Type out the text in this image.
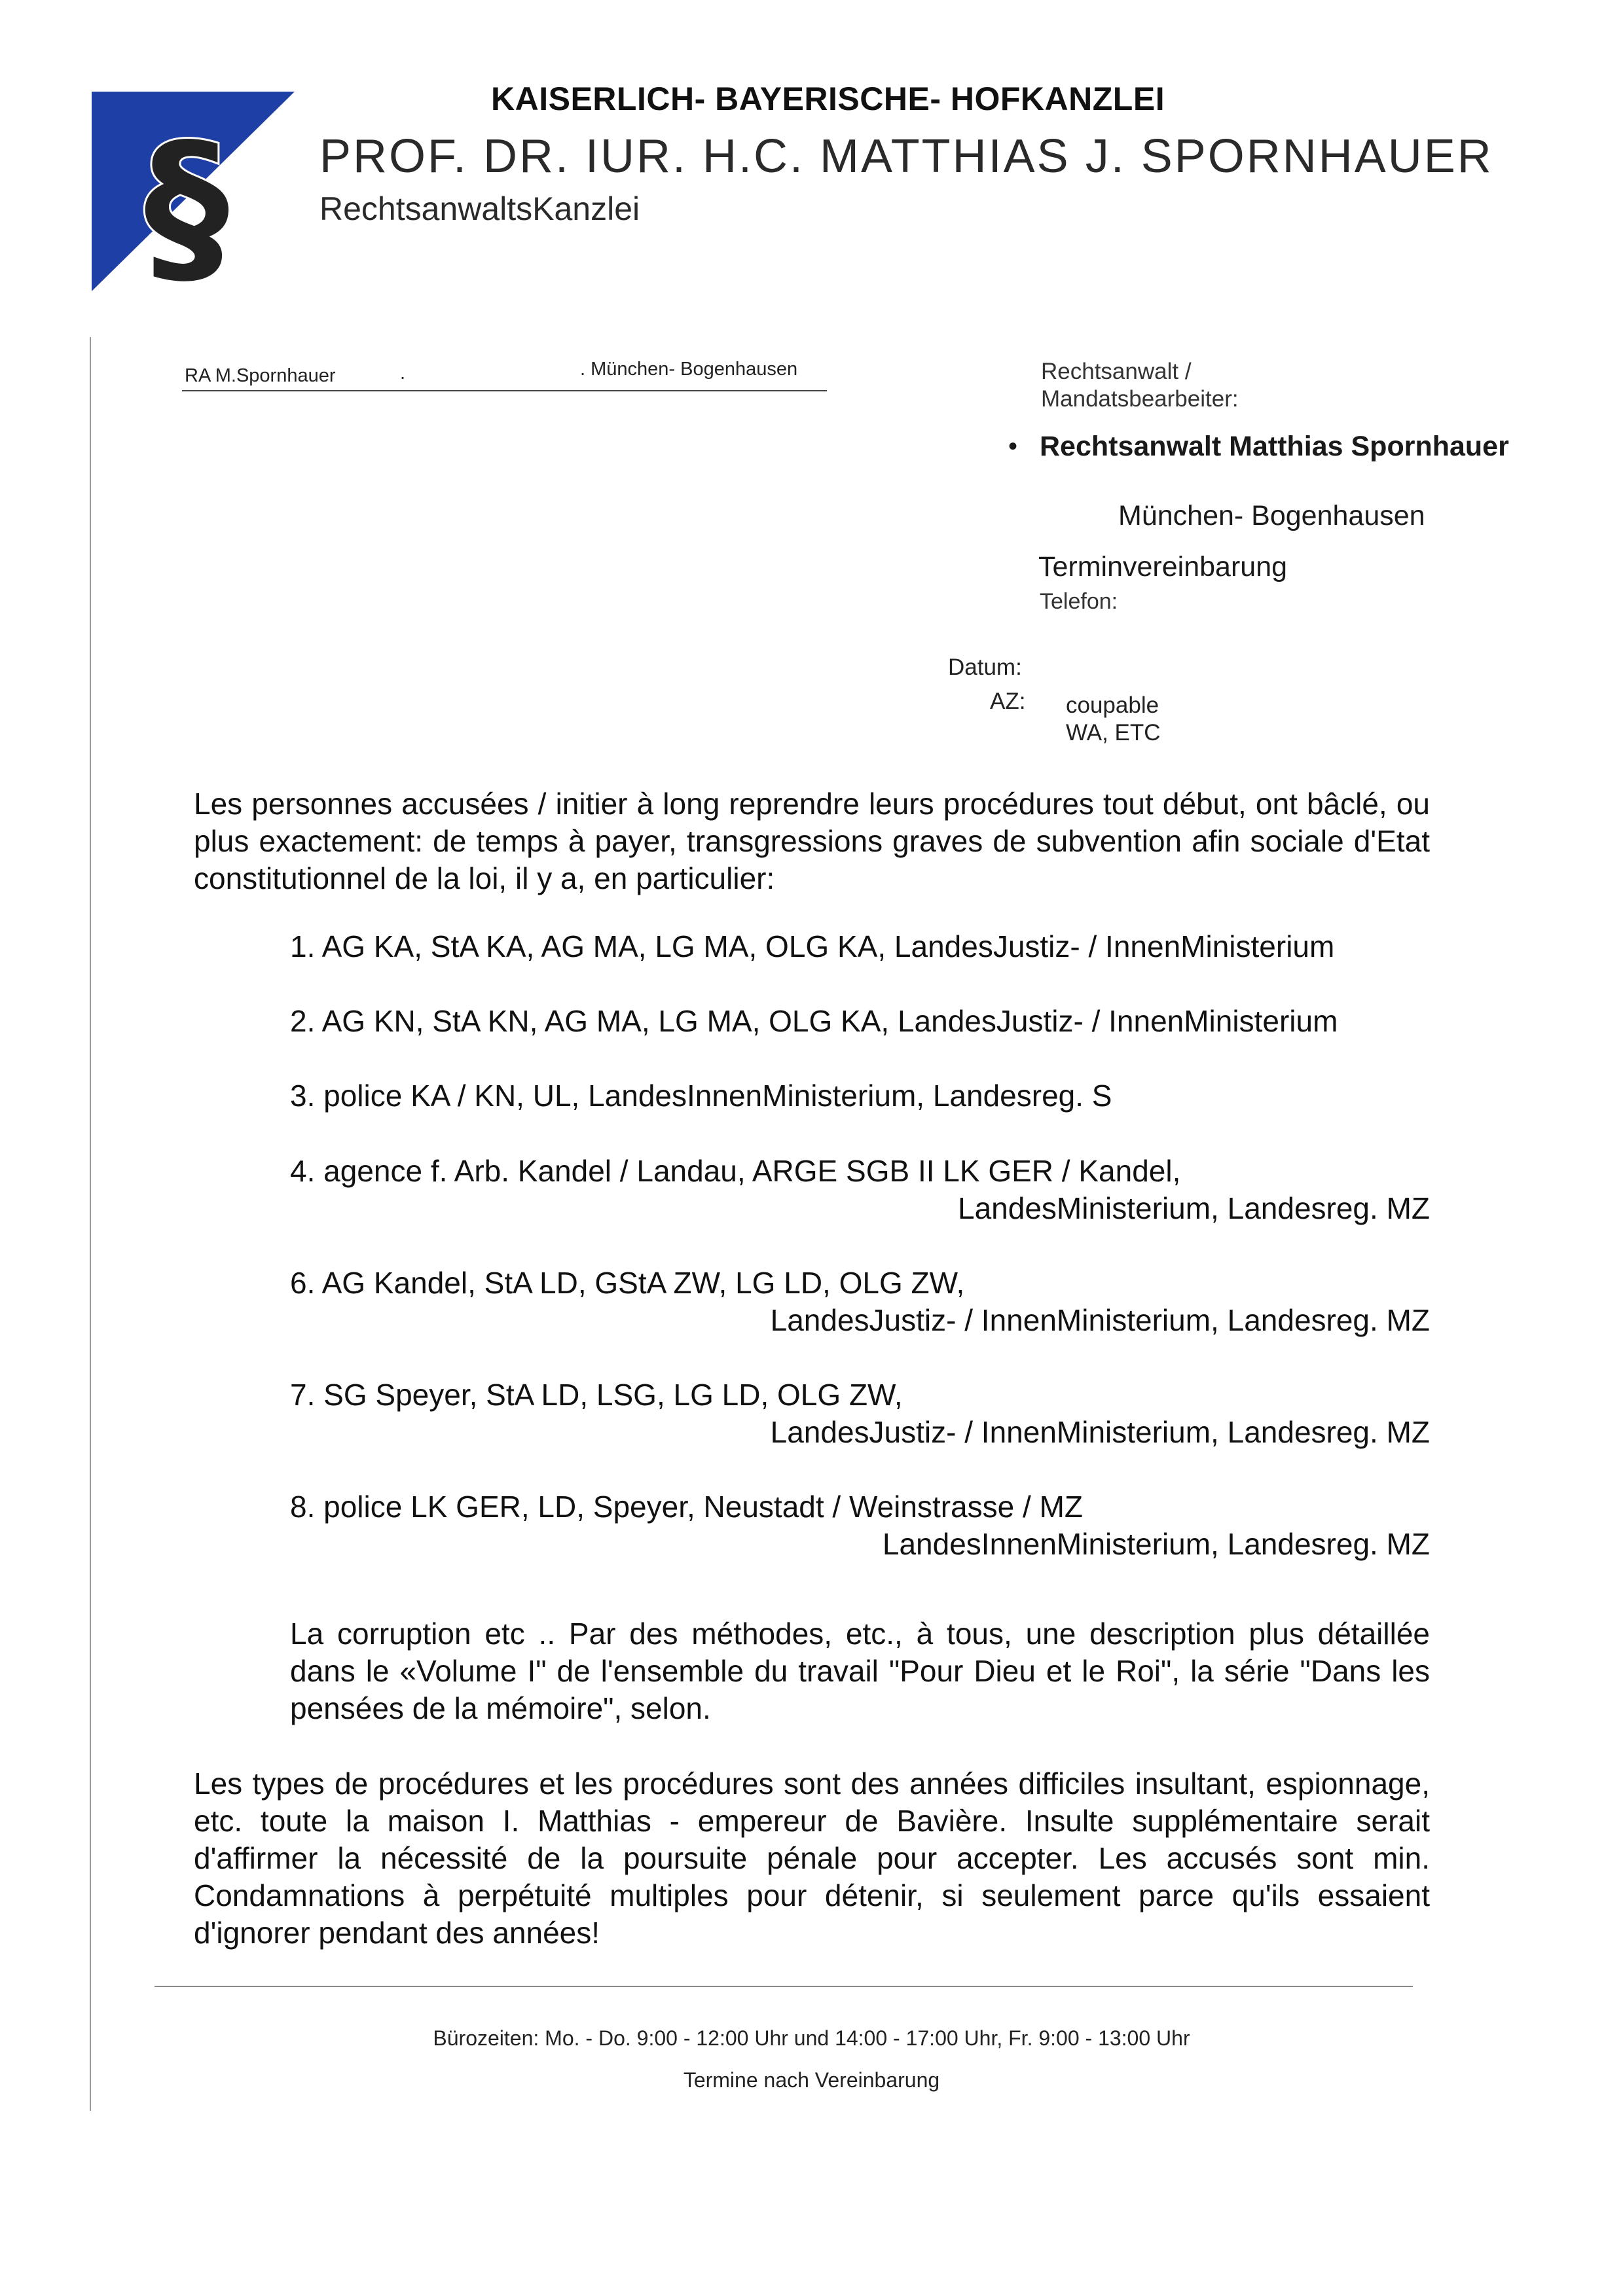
§
KAISERLICH- BAYERISCHE- HOFKANZLEI
PROF. DR. IUR. H.C. MATTHIAS J. SPORNHAUER
RechtsanwaltsKanzlei
RA M.Spornhauer	.	. München- Bogenhausen	Rechtsanwalt /
Mandatsbearbeiter:
• Rechtsanwalt Matthias Spornhauer
München- Bogenhausen
Terminvereinbarung
Telefon:
Datum:
AZ: coupable
WA, ETC
Les personnes accusées / initier à long reprendre leurs procédures tout début, ont bâclé, ou plus exactement: de temps à payer, transgressions graves de subvention afin sociale d'Etat constitutionnel de la loi, il y a, en particulier:
1. AG KA, StA KA, AG MA, LG MA, OLG KA, LandesJustiz- / InnenMinisterium
2. AG KN, StA KN, AG MA, LG MA, OLG KA, LandesJustiz- / InnenMinisterium
3. police KA / KN, UL, LandesInnenMinisterium, Landesreg. S
4. agence f. Arb. Kandel / Landau, ARGE SGB II LK GER / Kandel,
LandesMinisterium, Landesreg. MZ
6. AG Kandel, StA LD, GStA ZW, LG LD, OLG ZW,
LandesJustiz- / InnenMinisterium, Landesreg. MZ
7. SG Speyer, StA LD, LSG, LG LD, OLG ZW,
LandesJustiz- / InnenMinisterium, Landesreg. MZ
8. police LK GER, LD, Speyer, Neustadt / Weinstrasse / MZ
LandesInnenMinisterium, Landesreg. MZ
La corruption etc .. Par des méthodes, etc., à tous, une description plus détaillée dans le «Volume I" de l'ensemble du travail "Pour Dieu et le Roi", la série "Dans les pensées de la mémoire", selon.
Les types de procédures et les procédures sont des années difficiles insultant, espionnage, etc. toute la maison I. Matthias - empereur de Bavière. Insulte supplémentaire serait d'affirmer la nécessité de la poursuite pénale pour accepter. Les accusés sont min. Condamnations à perpétuité multiples pour détenir, si seulement parce qu'ils essaient d'ignorer pendant des années!
Bürozeiten: Mo. - Do. 9:00 - 12:00 Uhr und 14:00 - 17:00 Uhr, Fr. 9:00 - 13:00 Uhr
Termine nach Vereinbarung
